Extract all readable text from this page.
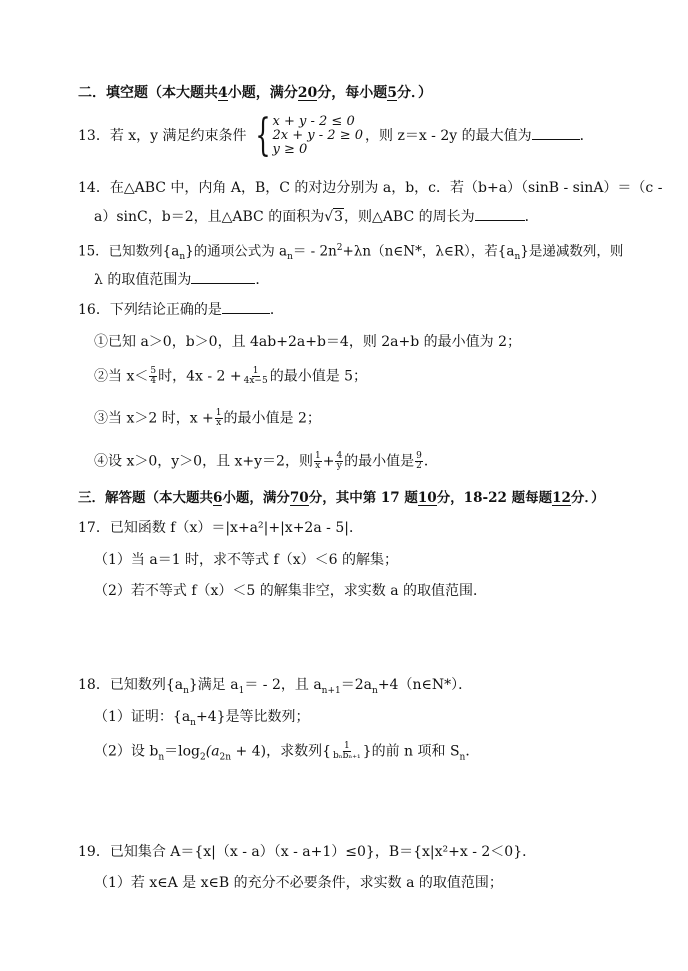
二．填空题（本大题共4小题，满分20分，每小题5分．）
13．若 x，y 满足约束条件 { x + y - 2 ≤ 0
2x + y - 2 ≥ 0
y ≥ 0
，则 z＝x - 2y 的最大值为	．
14．在△ABC 中，内角 A，B，C 的对边分别为 a，b，c．若（b+a）（sinB - sinA）＝（c -
a）sinC，b＝2，且△ABC 的面积为√3，则△ABC 的周长为	．
15．已知数列$\{a_n\}$的通项公式为 $a_n=$ - $2n^2+\lambda n(n\in N*$，λ∈R），若$\{a_n\}$是递减数列，则
λ 的取值范围为	．
16．下列结论正确的是	．
①已知 a＞0，b＞0，且 4ab+2a+b＝4，则 2a+b 的最小值为 2；
②当 $x< \frac{5}{4}$ 时，$4x - 2 + \frac{1}{4x-5}$ 的最小值是 5；
③当 x＞2 时，$x + \frac{1}{x}$ 的最小值是 2；
④设 x＞0，y＞0，且 x+y＝2，则 $\frac{1}{x} + \frac{4}{y}$ 的最小值是 $\frac{9}{2}$ ．
三．解答题（本大题共6小题，满分70分，其中第 17 题10分，18-22 题每题12分．）
17．已知函数 f（x）＝|x+a²|+|x+2a - 5|．
（1）当 a＝1 时，求不等式 f（x）＜6 的解集；
（2）若不等式 f（x）＜5 的解集非空，求实数 a 的取值范围．
18．已知数列$\{a_n\}$满足 $a_1= - 2$，且 $a_{n+1}=2a_n+4(n\in N*)$．
（1）证明：$\{a_n+4\}$是等比数列；
（2）设 $b_n=\log_2(a_{2n} + 4)$，求数列{ $\frac{1}{\text{bₙbₙ₊₁}}$ }的前 n 项和 $S_n$．
19．已知集合 A＝{x|（x - a）（x - a+1）≤0}，B＝{x|x²+x - 2＜0}．
（1）若 x∈A 是 x∈B 的充分不必要条件，求实数 a 的取值范围；
